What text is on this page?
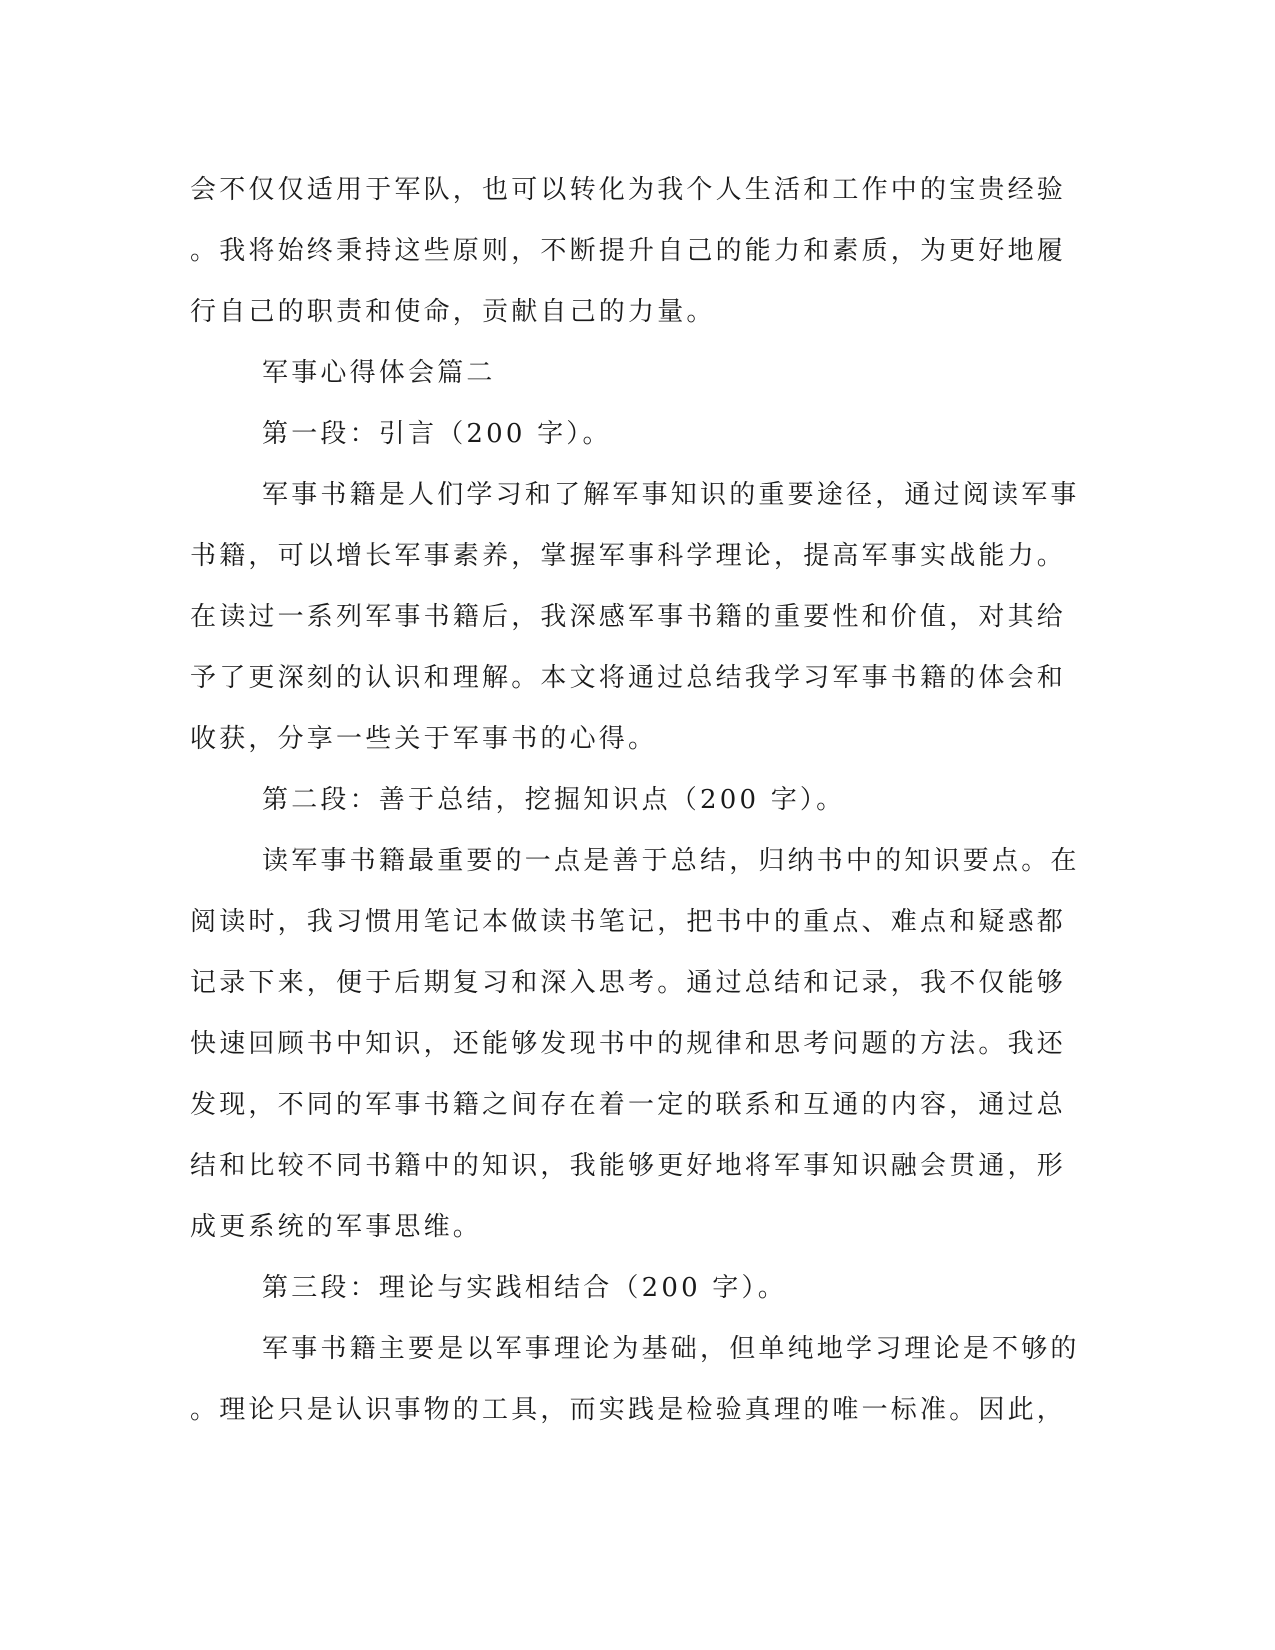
会不仅仅适用于军队，也可以转化为我个人生活和工作中的宝贵经验
。我将始终秉持这些原则，不断提升自己的能力和素质，为更好地履
行自己的职责和使命，贡献自己的力量。
军事心得体会篇二
第一段：引言（200 字）。
军事书籍是人们学习和了解军事知识的重要途径，通过阅读军事
书籍，可以增长军事素养，掌握军事科学理论，提高军事实战能力。
在读过一系列军事书籍后，我深感军事书籍的重要性和价值，对其给
予了更深刻的认识和理解。本文将通过总结我学习军事书籍的体会和
收获，分享一些关于军事书的心得。
第二段：善于总结，挖掘知识点（200 字）。
读军事书籍最重要的一点是善于总结，归纳书中的知识要点。在
阅读时，我习惯用笔记本做读书笔记，把书中的重点、难点和疑惑都
记录下来，便于后期复习和深入思考。通过总结和记录，我不仅能够
快速回顾书中知识，还能够发现书中的规律和思考问题的方法。我还
发现，不同的军事书籍之间存在着一定的联系和互通的内容，通过总
结和比较不同书籍中的知识，我能够更好地将军事知识融会贯通，形
成更系统的军事思维。
第三段：理论与实践相结合（200 字）。
军事书籍主要是以军事理论为基础，但单纯地学习理论是不够的
。理论只是认识事物的工具，而实践是检验真理的唯一标准。因此，
